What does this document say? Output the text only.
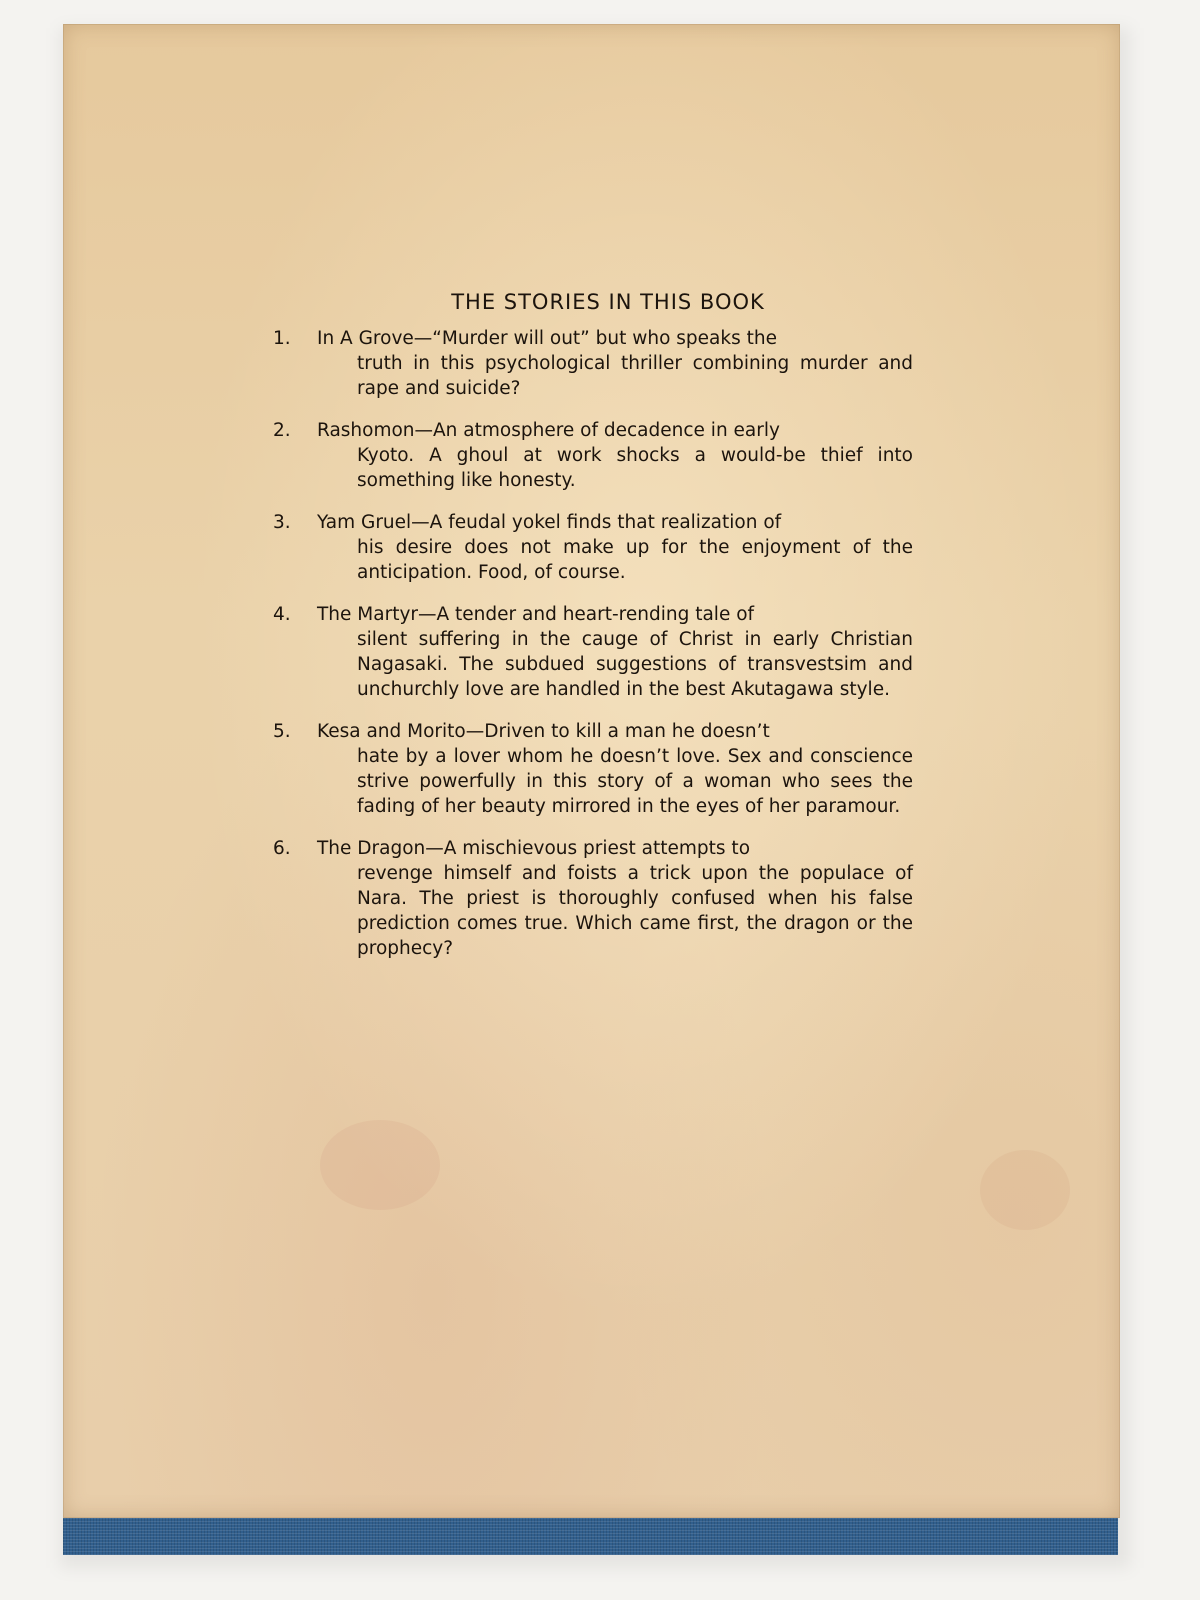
THE STORIES IN THIS BOOK
1.	In A Grove—“Murder will out” but who speaks the
truth in this psychological thriller combining murder and rape and suicide?
2.	Rashomon—An atmosphere of decadence in early
Kyoto. A ghoul at work shocks a would-be thief into something like honesty.
3.	Yam Gruel—A feudal yokel finds that realization of
his desire does not make up for the enjoyment of the anticipation. Food, of course.
4.	The Martyr—A tender and heart-rending tale of
silent suffering in the cauge of Christ in early Christian Nagasaki. The subdued suggestions of transvestsim and unchurchly love are handled in the best Akutagawa style.
5.	Kesa and Morito—Driven to kill a man he doesn’t
hate by a lover whom he doesn’t love. Sex and conscience strive powerfully in this story of a woman who sees the fading of her beauty mirrored in the eyes of her paramour.
6.	The Dragon—A mischievous priest attempts to
revenge himself and foists a trick upon the populace of Nara. The priest is thoroughly confused when his false prediction comes true. Which came first, the dragon or the prophecy?
